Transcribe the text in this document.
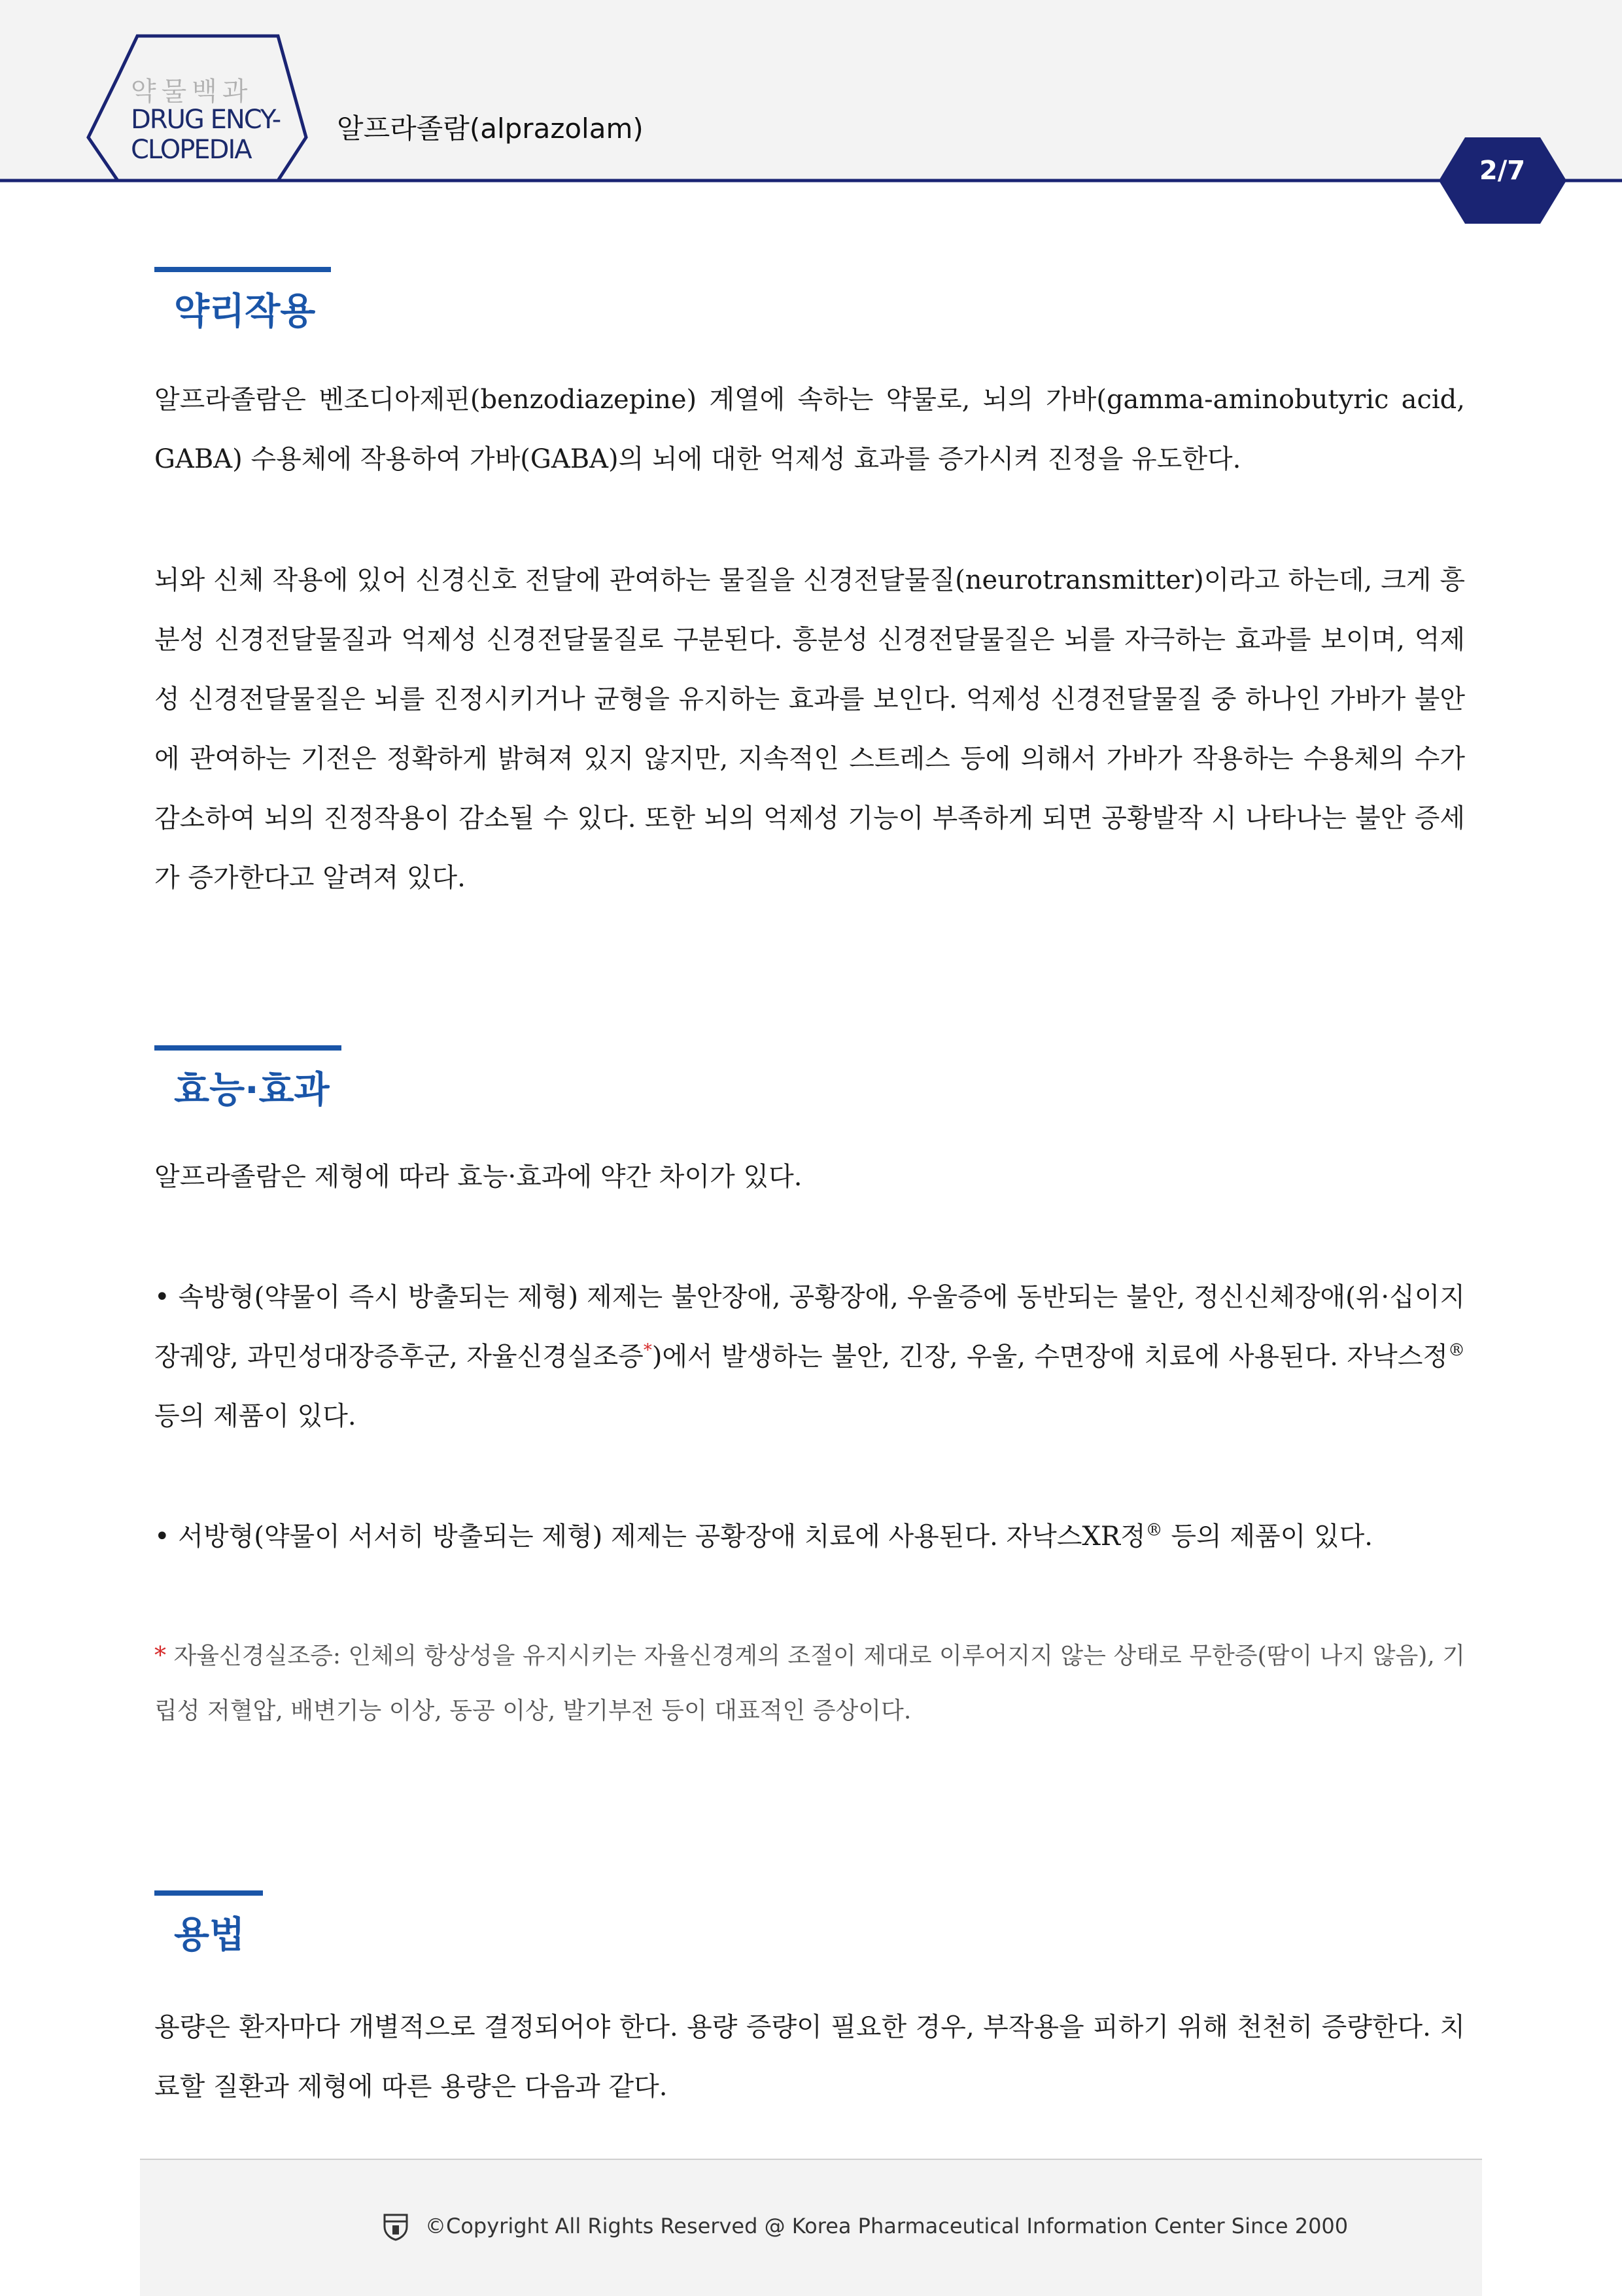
약물백과
DRUG ENCY-
CLOPEDIA
알프라졸람(alprazolam)
2/7
약리작용
알프라졸람은 벤조디아제핀(benzodiazepine) 계열에 속하는 약물로, 뇌의 가바(gamma-aminobutyric acid, GABA) 수용체에 작용하여 가바(GABA)의 뇌에 대한 억제성 효과를 증가시켜 진정을 유도한다.
뇌와 신체 작용에 있어 신경신호 전달에 관여하는 물질을 신경전달물질(neurotransmitter)이라고 하는데, 크게 흥분성 신경전달물질과 억제성 신경전달물질로 구분된다. 흥분성 신경전달물질은 뇌를 자극하는 효과를 보이며, 억제성 신경전달물질은 뇌를 진정시키거나 균형을 유지하는 효과를 보인다. 억제성 신경전달물질 중 하나인 가바가 불안에 관여하는 기전은 정확하게 밝혀져 있지 않지만, 지속적인 스트레스 등에 의해서 가바가 작용하는 수용체의 수가 감소하여 뇌의 진정작용이 감소될 수 있다. 또한 뇌의 억제성 기능이 부족하게 되면 공황발작 시 나타나는 불안 증세가 증가한다고 알려져 있다.
효능·효과
알프라졸람은 제형에 따라 효능·효과에 약간 차이가 있다.
• 속방형(약물이 즉시 방출되는 제형) 제제는 불안장애, 공황장애, 우울증에 동반되는 불안, 정신신체장애(위·십이지장궤양, 과민성대장증후군, 자율신경실조증*)에서 발생하는 불안, 긴장, 우울, 수면장애 치료에 사용된다. 자낙스정® 등의 제품이 있다.
• 서방형(약물이 서서히 방출되는 제형) 제제는 공황장애 치료에 사용된다. 자낙스XR정® 등의 제품이 있다.
* 자율신경실조증: 인체의 항상성을 유지시키는 자율신경계의 조절이 제대로 이루어지지 않는 상태로 무한증(땀이 나지 않음), 기립성 저혈압, 배변기능 이상, 동공 이상, 발기부전 등이 대표적인 증상이다.
용법
용량은 환자마다 개별적으로 결정되어야 한다. 용량 증량이 필요한 경우, 부작용을 피하기 위해 천천히 증량한다. 치료할 질환과 제형에 따른 용량은 다음과 같다.
©Copyright All Rights Reserved @ Korea Pharmaceutical Information Center Since 2000
